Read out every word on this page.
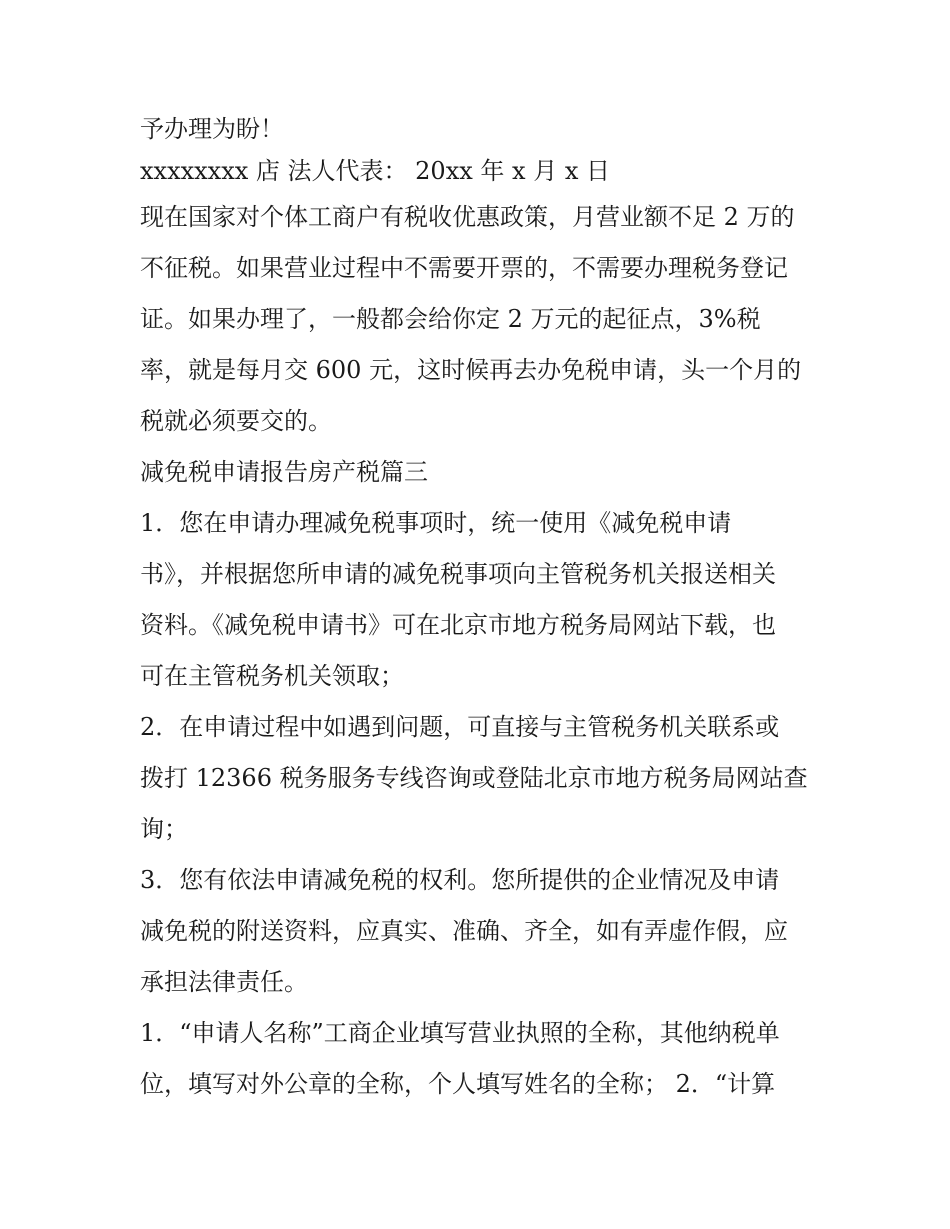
予办理为盼！
xxxxxxxx 店 法人代表： 20xx 年 x 月 x 日
现在国家对个体工商户有税收优惠政策，月营业额不足 2 万的
不征税。如果营业过程中不需要开票的，不需要办理税务登记
证。如果办理了，一般都会给你定 2 万元的起征点，3%税
率，就是每月交 600 元，这时候再去办免税申请，头一个月的
税就必须要交的。
减免税申请报告房产税篇三
1．您在申请办理减免税事项时，统一使用《减免税申请
书》，并根据您所申请的减免税事项向主管税务机关报送相关
资料。《减免税申请书》可在北京市地方税务局网站下载，也
可在主管税务机关领取；
2．在申请过程中如遇到问题，可直接与主管税务机关联系或
拨打 12366 税务服务专线咨询或登陆北京市地方税务局网站查
询；
3．您有依法申请减免税的权利。您所提供的企业情况及申请
减免税的附送资料，应真实、准确、齐全，如有弄虚作假，应
承担法律责任。
1．“申请人名称”工商企业填写营业执照的全称，其他纳税单
位，填写对外公章的全称，个人填写姓名的全称； 2．“计算
